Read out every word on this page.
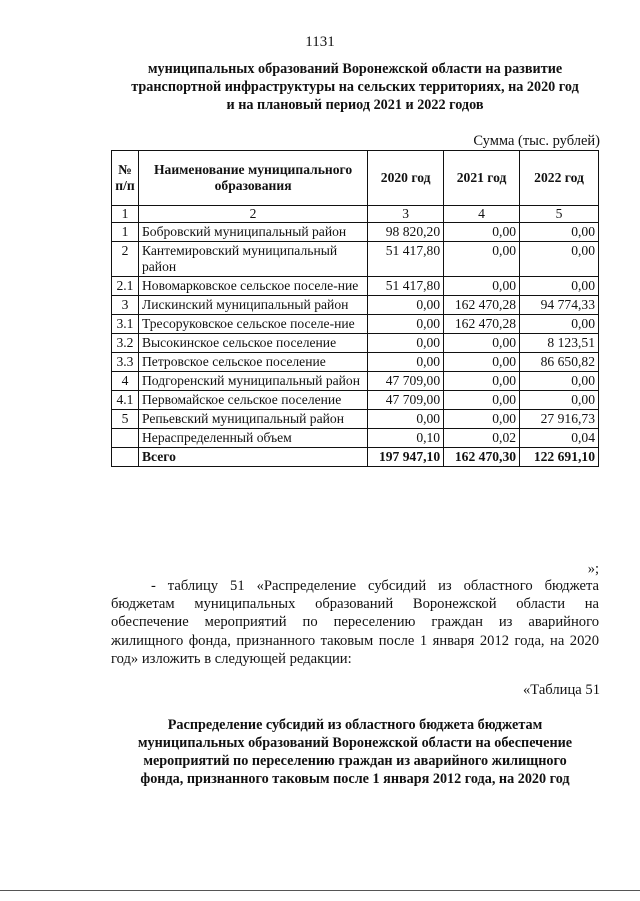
1131
муниципальных образований Воронежской области на развитие
транспортной инфраструктуры на сельских территориях, на 2020 год
и на плановый период 2021 и 2022 годов
Сумма (тыс. рублей)
№ п/п	Наименование муниципального образования	2020 год	2021 год	2022 год
1	2	3	4	5
1	Бобровский муниципальный район	98 820,20	0,00	0,00
2	Кантемировский муниципальный район	51 417,80	0,00	0,00
2.1	Новомарковское сельское поселе-ние	51 417,80	0,00	0,00
3	Лискинский муниципальный район	0,00	162 470,28	94 774,33
3.1	Тресоруковское сельское поселе-ние	0,00	162 470,28	0,00
3.2	Высокинское сельское поселение	0,00	0,00	8 123,51
3.3	Петровское сельское поселение	0,00	0,00	86 650,82
4	Подгоренский муниципальный район	47 709,00	0,00	0,00
4.1	Первомайское сельское поселение	47 709,00	0,00	0,00
5	Репьевский муниципальный район	0,00	0,00	27 916,73
	Нераспределенный объем	0,10	0,02	0,04
	Всего	197 947,10	162 470,30	122 691,10
»;
- таблицу 51 «Распределение субсидий из областного бюджета бюджетам муниципальных образований Воронежской области на обеспечение мероприятий по переселению граждан из аварийного жилищного фонда, признанного таковым после 1 января 2012 года, на 2020 год» изложить в следующей редакции:
«Таблица 51
Распределение субсидий из областного бюджета бюджетам
муниципальных образований Воронежской области на обеспечение
мероприятий по переселению граждан из аварийного жилищного
фонда, признанного таковым после 1 января 2012 года, на 2020 год
